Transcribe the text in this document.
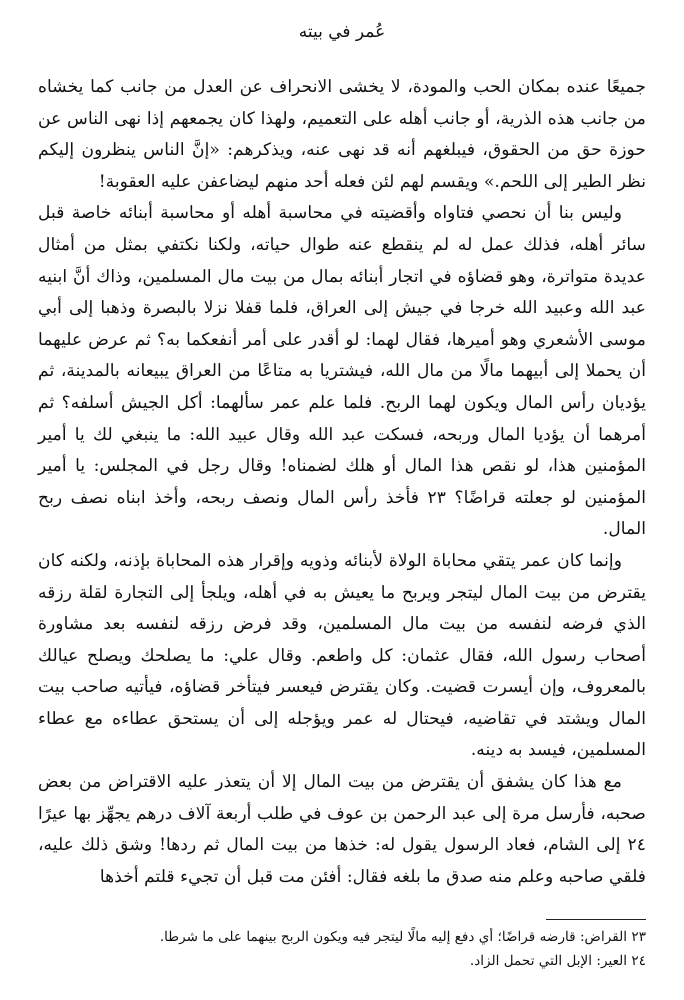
عُمر في بيته

جميعًا عنده بمكان الحب والمودة، لا يخشى الانحراف عن العدل من جانب كما يخشاه من جانب هذه الذرية، أو جانب أهله على التعميم، ولهذا كان يجمعهم إذا نهى الناس عن حوزة حق من الحقوق، فيبلغهم أنه قد نهى عنه، ويذكرهم: «إنَّ الناس ينظرون إليكم نظر الطير إلى اللحم.» ويقسم لهم لئن فعله أحد منهم ليضاعفن عليه العقوبة!

وليس بنا أن نحصي فتاواه وأقضيته في محاسبة أهله أو محاسبة أبنائه خاصة قبل سائر أهله، فذلك عمل له لم ينقطع عنه طوال حياته، ولكنا نكتفي بمثل من أمثال عديدة متواترة، وهو قضاؤه في اتجار أبنائه بمال من بيت مال المسلمين، وذاك أنَّ ابنيه عبد الله وعبيد الله خرجا في جيش إلى العراق، فلما قفلا نزلا بالبصرة وذهبا إلى أبي موسى الأشعري وهو أميرها، فقال لهما: لو أقدر على أمر أنفعكما به؟ ثم عرض عليهما أن يحملا إلى أبيهما مالًا من مال الله، فيشتريا به متاعًا من العراق يبيعانه بالمدينة، ثم يؤديان رأس المال ويكون لهما الربح. فلما علم عمر سألهما: أكل الجيش أسلفه؟ ثم أمرهما أن يؤديا المال وربحه، فسكت عبد الله وقال عبيد الله: ما ينبغي لك يا أمير المؤمنين هذا، لو نقص هذا المال أو هلك لضمناه! وقال رجل في المجلس: يا أمير المؤمنين لو جعلته قراضًا؟ ٢٣ فأخذ رأس المال ونصف ربحه، وأخذ ابناه نصف ربح المال.

وإنما كان عمر يتقي محاباة الولاة لأبنائه وذويه وإقرار هذه المحاباة بإذنه، ولكنه كان يقترض من بيت المال ليتجر ويربح ما يعيش به في أهله، ويلجأ إلى التجارة لقلة رزقه الذي فرضه لنفسه من بيت مال المسلمين، وقد فرض رزقه لنفسه بعد مشاورة أصحاب رسول الله، فقال عثمان: كل واطعم. وقال علي: ما يصلحك ويصلح عيالك بالمعروف، وإن أيسرت قضيت. وكان يقترض فيعسر فيتأخر قضاؤه، فيأتيه صاحب بيت المال ويشتد في تقاضيه، فيحتال له عمر ويؤجله إلى أن يستحق عطاءه مع عطاء المسلمين، فيسد به دينه.

مع هذا كان يشفق أن يقترض من بيت المال إلا أن يتعذر عليه الاقتراض من بعض صحبه، فأرسل مرة إلى عبد الرحمن بن عوف في طلب أربعة آلاف درهم يجهِّز بها عيرًا ٢٤ إلى الشام، فعاد الرسول يقول له: خذها من بيت المال ثم ردها! وشق ذلك عليه، فلقي صاحبه وعلم منه صدق ما بلغه فقال: أفئن مت قبل أن تجيء قلتم أخذها

٢٣ القراض: قارضه قراضًا؛ أي دفع إليه مالًا ليتجر فيه ويكون الربح بينهما على ما شرطا.

٢٤ العير: الإبل التي تحمل الزاد.
